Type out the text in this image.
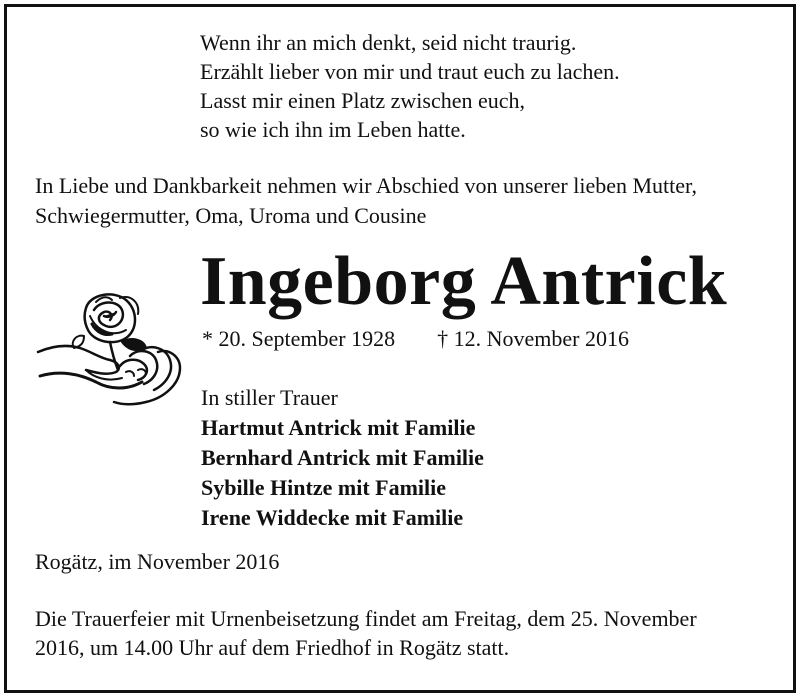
Wenn ihr an mich denkt, seid nicht traurig.
Erzählt lieber von mir und traut euch zu lachen.
Lasst mir einen Platz zwischen euch,
so wie ich ihn im Leben hatte.
In Liebe und Dankbarkeit nehmen wir Abschied von unserer lieben Mutter,
Schwiegermutter, Oma, Uroma und Cousine
Ingeborg Antrick
* 20. September 1928 † 12. November 2016
In stiller Trauer
Hartmut Antrick mit Familie
Bernhard Antrick mit Familie
Sybille Hintze mit Familie
Irene Widdecke mit Familie
Rogätz, im November 2016
Die Trauerfeier mit Urnenbeisetzung findet am Freitag, dem 25. November
2016, um 14.00 Uhr auf dem Friedhof in Rogätz statt.
